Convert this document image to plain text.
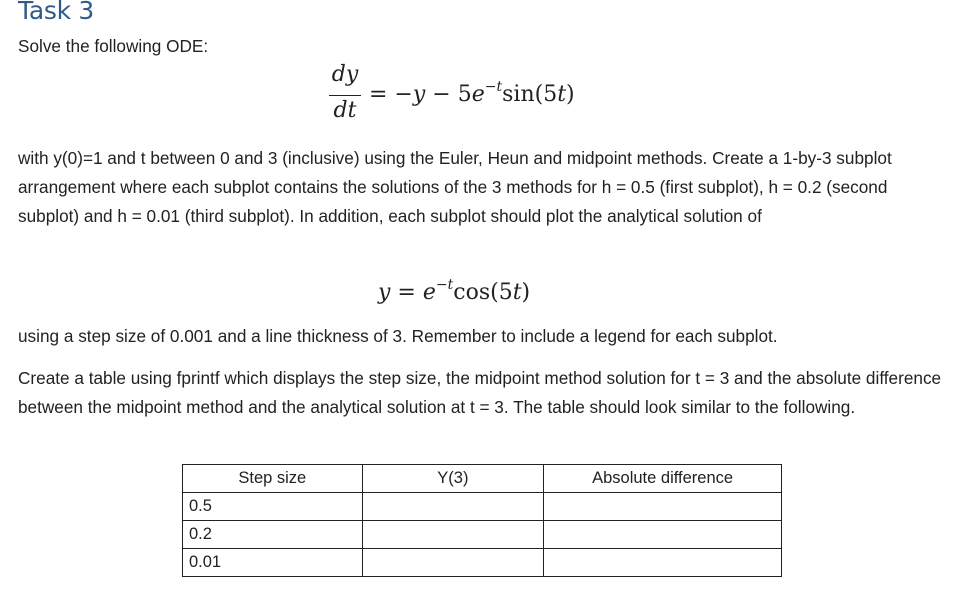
Task 3

Solve the following ODE:

dy
dt
= $-y - 5e^{-t}\sin(5t)$

with y(0)=1 and t between 0 and 3 (inclusive) using the Euler, Heun and midpoint methods. Create a 1-by-3 subplot arrangement where each subplot contains the solutions of the 3 methods for h = 0.5 (first subplot), h = 0.2 (second subplot) and h = 0.01 (third subplot). In addition, each subplot should plot the analytical solution of

$y = e^{-t}\cos(5t)$

using a step size of 0.001 and a line thickness of 3. Remember to include a legend for each subplot.

Create a table using fprintf which displays the step size, the midpoint method solution for t = 3 and the absolute difference between the midpoint method and the analytical solution at t = 3. The table should look similar to the following.

Step size	Y(3)	Absolute difference
0.5		
0.2		
0.01		
